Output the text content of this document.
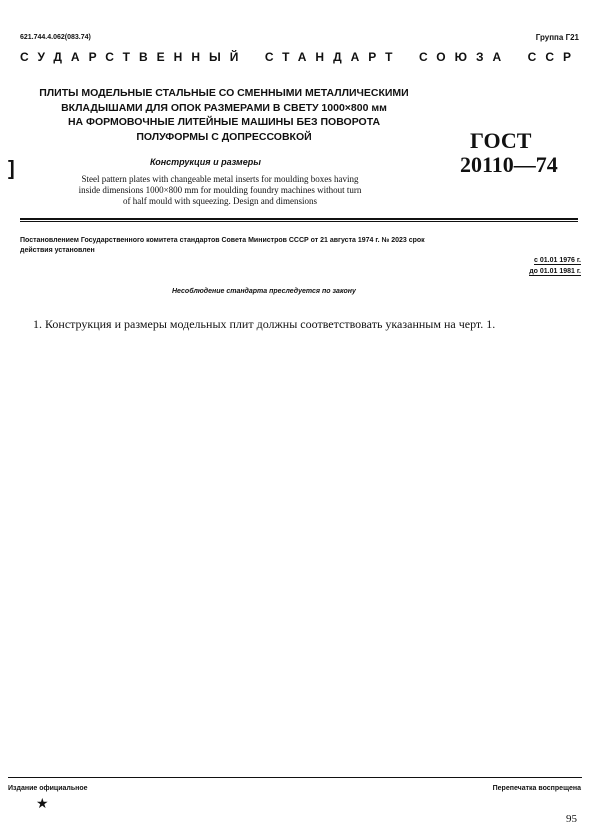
621.744.4.062(083.74)	Группа Г21
СУДАРСТВЕННЫЙ СТАНДАРТ СОЮЗА ССР
ПЛИТЫ МОДЕЛЬНЫЕ СТАЛЬНЫЕ СО СМЕННЫМИ МЕТАЛЛИЧЕСКИМИ
ВКЛАДЫШАМИ ДЛЯ ОПОК РАЗМЕРАМИ В СВЕТУ 1000×800 мм
НА ФОРМОВОЧНЫЕ ЛИТЕЙНЫЕ МАШИНЫ БЕЗ ПОВОРОТА
ПОЛУФОРМЫ С ДОПРЕССОВКОЙ
Конструкция и размеры
Steel pattern plates with changeable metal inserts for moulding boxes having
inside dimensions 1000×800 mm for moulding foundry machines without turn
of half mould with squeezing. Design and dimensions
ГОСТ
20110—74
]
Постановлением Государственного комитета стандартов Совета Министров СССР от 21 августа 1974 г. № 2023 срок
действия установлен
с 01.01 1976 г.
до 01.01 1981 г.
Несоблюдение стандарта преследуется по закону
1. Конструкция и размеры модельных плит должны соответствовать указанным на черт. 1.
Издание официальное
★
Перепечатка воспрещена
95
